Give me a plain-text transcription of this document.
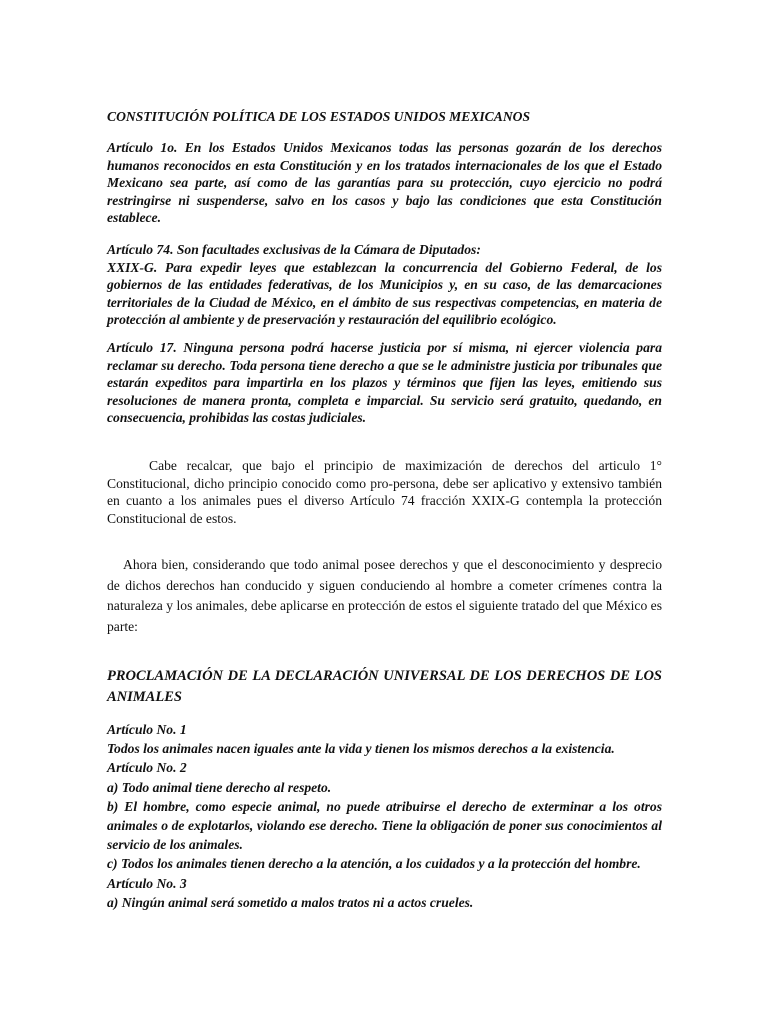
CONSTITUCIÓN POLÍTICA DE LOS ESTADOS UNIDOS MEXICANOS

Artículo 1o. En los Estados Unidos Mexicanos todas las personas gozarán de los derechos humanos reconocidos en esta Constitución y en los tratados internacionales de los que el Estado Mexicano sea parte, así como de las garantías para su protección, cuyo ejercicio no podrá restringirse ni suspenderse, salvo en los casos y bajo las condiciones que esta Constitución establece.

Artículo 74. Son facultades exclusivas de la Cámara de Diputados:

XXIX-G. Para expedir leyes que establezcan la concurrencia del Gobierno Federal, de los gobiernos de las entidades federativas, de los Municipios y, en su caso, de las demarcaciones territoriales de la Ciudad de México, en el ámbito de sus respectivas competencias, en materia de protección al ambiente y de preservación y restauración del equilibrio ecológico.

Artículo 17. Ninguna persona podrá hacerse justicia por sí misma, ni ejercer violencia para reclamar su derecho. Toda persona tiene derecho a que se le administre justicia por tribunales que estarán expeditos para impartirla en los plazos y términos que fijen las leyes, emitiendo sus resoluciones de manera pronta, completa e imparcial. Su servicio será gratuito, quedando, en consecuencia, prohibidas las costas judiciales.

Cabe recalcar, que bajo el principio de maximización de derechos del articulo 1° Constitucional, dicho principio conocido como pro-persona, debe ser aplicativo y extensivo también en cuanto a los animales pues el diverso Artículo 74 fracción XXIX-G contempla la protección Constitucional de estos.

Ahora bien, considerando que todo animal posee derechos y que el desconocimiento y desprecio de dichos derechos han conducido y siguen conduciendo al hombre a cometer crímenes contra la naturaleza y los animales, debe aplicarse en protección de estos el siguiente tratado del que México es parte:

PROCLAMACIÓN DE LA DECLARACIÓN UNIVERSAL DE LOS DERECHOS DE LOS ANIMALES

Artículo No. 1
Todos los animales nacen iguales ante la vida y tienen los mismos derechos a la existencia.
Artículo No. 2
a) Todo animal tiene derecho al respeto.
b) El hombre, como especie animal, no puede atribuirse el derecho de exterminar a los otros animales o de explotarlos, violando ese derecho. Tiene la obligación de poner sus conocimientos al servicio de los animales.
c) Todos los animales tienen derecho a la atención, a los cuidados y a la protección del hombre.
Artículo No. 3
a) Ningún animal será sometido a malos tratos ni a actos crueles.
